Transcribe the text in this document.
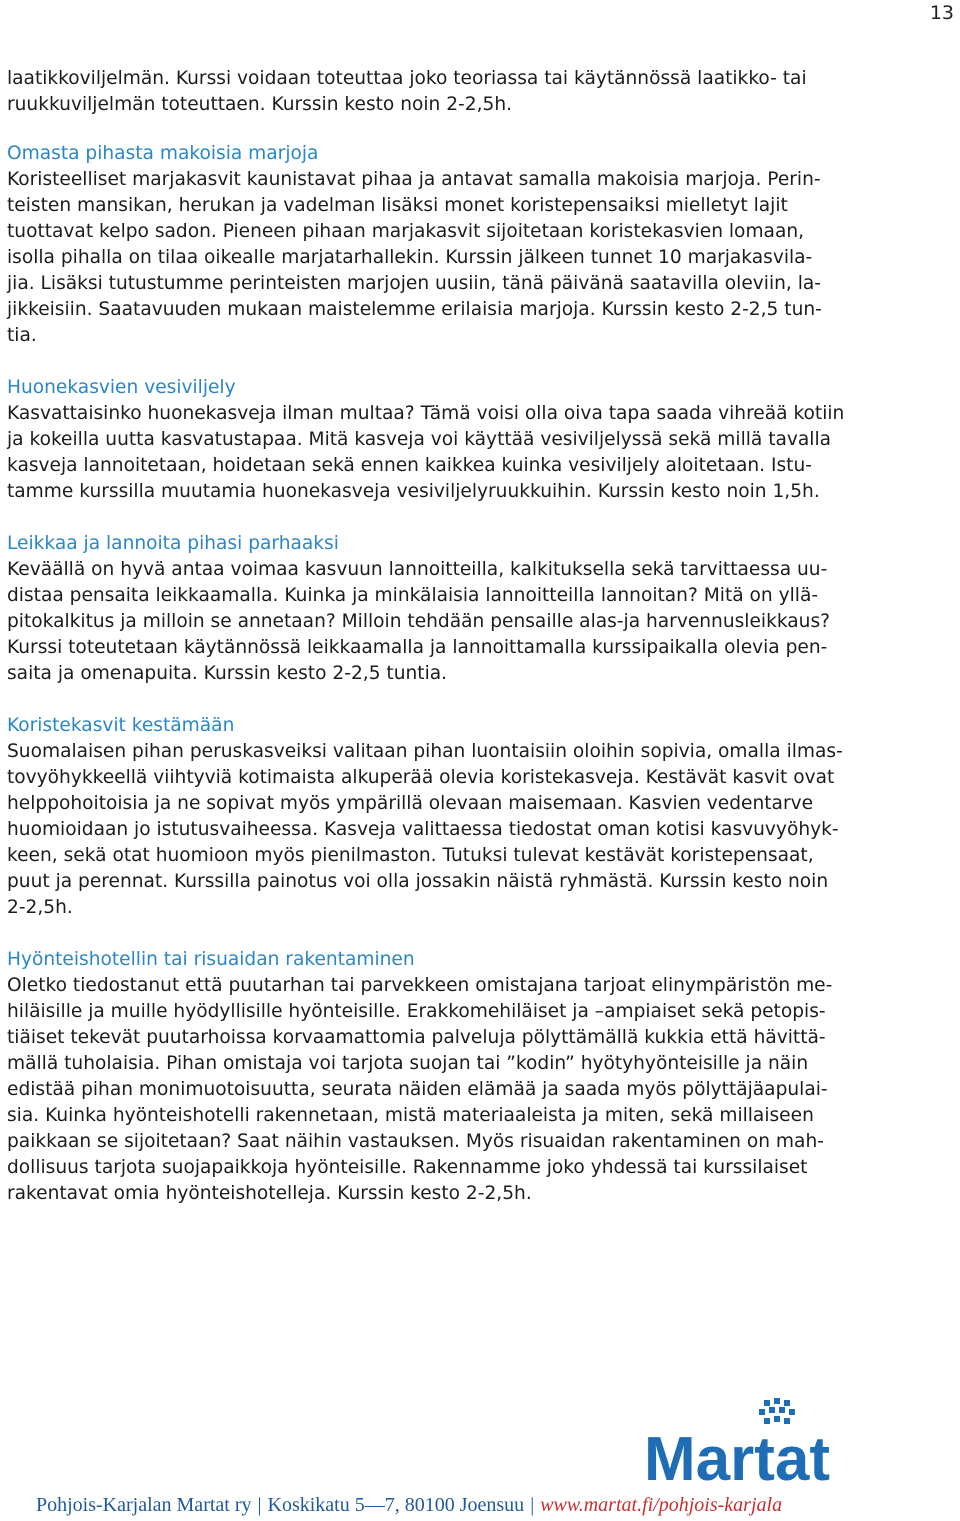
13
laatikkoviljelmän. Kurssi voidaan toteuttaa joko teoriassa tai käytännössä laatikko- tai
ruukkuviljelmän toteuttaen. Kurssin kesto noin 2-2,5h.
Omasta pihasta makoisia marjoja
Koristeelliset marjakasvit kaunistavat pihaa ja antavat samalla makoisia marjoja. Perin-
teisten mansikan, herukan ja vadelman lisäksi monet koristepensaiksi mielletyt lajit
tuottavat kelpo sadon. Pieneen pihaan marjakasvit sijoitetaan koristekasvien lomaan,
isolla pihalla on tilaa oikealle marjatarhallekin. Kurssin jälkeen tunnet 10 marjakasvila-
jia. Lisäksi tutustumme perinteisten marjojen uusiin, tänä päivänä saatavilla oleviin, la-
jikkeisiin. Saatavuuden mukaan maistelemme erilaisia marjoja. Kurssin kesto 2-2,5 tun-
tia.
Huonekasvien vesiviljely
Kasvattaisinko huonekasveja ilman multaa? Tämä voisi olla oiva tapa saada vihreää kotiin
ja kokeilla uutta kasvatustapaa. Mitä kasveja voi käyttää vesiviljelyssä sekä millä tavalla
kasveja lannoitetaan, hoidetaan sekä ennen kaikkea kuinka vesiviljely aloitetaan. Istu-
tamme kurssilla muutamia huonekasveja vesiviljelyruukkuihin. Kurssin kesto noin 1,5h.
Leikkaa ja lannoita pihasi parhaaksi
Keväällä on hyvä antaa voimaa kasvuun lannoitteilla, kalkituksella sekä tarvittaessa uu-
distaa pensaita leikkaamalla. Kuinka ja minkälaisia lannoitteilla lannoitan? Mitä on yllä-
pitokalkitus ja milloin se annetaan? Milloin tehdään pensaille alas-ja harvennusleikkaus?
Kurssi toteutetaan käytännössä leikkaamalla ja lannoittamalla kurssipaikalla olevia pen-
saita ja omenapuita. Kurssin kesto 2-2,5 tuntia.
Koristekasvit kestämään
Suomalaisen pihan peruskasveiksi valitaan pihan luontaisiin oloihin sopivia, omalla ilmas-
tovyöhykkeellä viihtyviä kotimaista alkuperää olevia koristekasveja. Kestävät kasvit ovat
helppohoitoisia ja ne sopivat myös ympärillä olevaan maisemaan. Kasvien vedentarve
huomioidaan jo istutusvaiheessa. Kasveja valittaessa tiedostat oman kotisi kasvuvyöhyk-
keen, sekä otat huomioon myös pienilmaston. Tutuksi tulevat kestävät koristepensaat,
puut ja perennat. Kurssilla painotus voi olla jossakin näistä ryhmästä. Kurssin kesto noin
2-2,5h.
Hyönteishotellin tai risuaidan rakentaminen
Oletko tiedostanut että puutarhan tai parvekkeen omistajana tarjoat elinympäristön me-
hiläisille ja muille hyödyllisille hyönteisille. Erakkomehiläiset ja –ampiaiset sekä petopis-
tiäiset tekevät puutarhoissa korvaamattomia palveluja pölyttämällä kukkia että hävittä-
mällä tuholaisia. Pihan omistaja voi tarjota suojan tai ”kodin” hyötyhyönteisille ja näin
edistää pihan monimuotoisuutta, seurata näiden elämää ja saada myös pölyttäjäapulai-
sia. Kuinka hyönteishotelli rakennetaan, mistä materiaaleista ja miten, sekä millaiseen
paikkaan se sijoitetaan? Saat näihin vastauksen. Myös risuaidan rakentaminen on mah-
dollisuus tarjota suojapaikkoja hyönteisille. Rakennamme joko yhdessä tai kurssilaiset
rakentavat omia hyönteishotelleja. Kurssin kesto 2-2,5h.
Martat
Pohjois-Karjalan Martat ry | Koskikatu 5—7, 80100 Joensuu | www.martat.fi/pohjois-karjala
